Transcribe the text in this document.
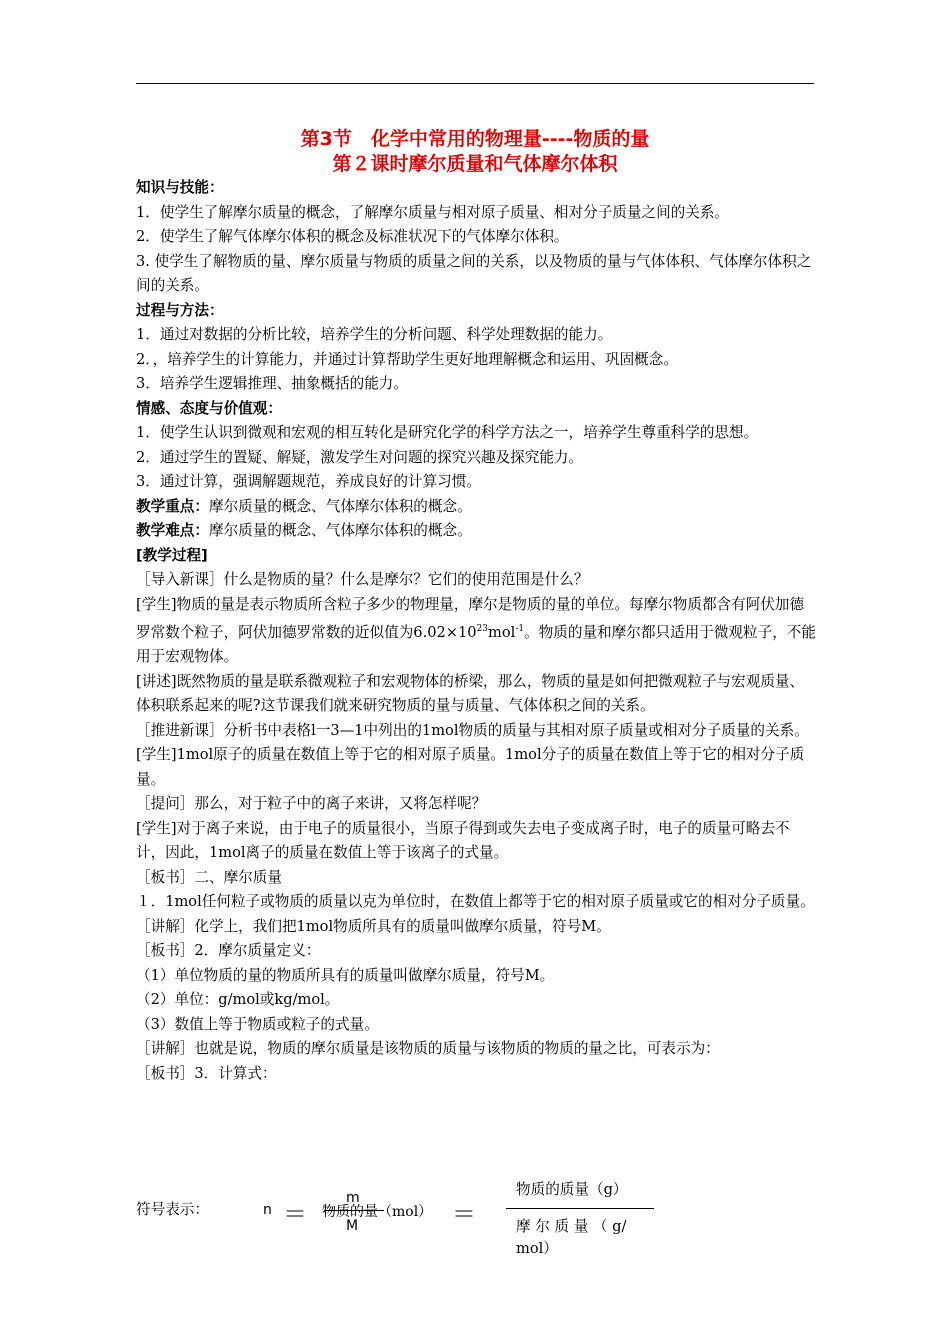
第3节　化学中常用的物理量----物质的量
第２课时摩尔质量和气体摩尔体积

知识与技能：

1．使学生了解摩尔质量的概念，了解摩尔质量与相对原子质量、相对分子质量之间的关系。

2．使学生了解气体摩尔体积的概念及标准状况下的气体摩尔体积。

3. 使学生了解物质的量、摩尔质量与物质的质量之间的关系，以及物质的量与气体体积、气体摩尔体积之间的关系。

过程与方法：

1．通过对数据的分析比较，培养学生的分析问题、科学处理数据的能力。

2．，培养学生的计算能力，并通过计算帮助学生更好地理解概念和运用、巩固概念。

3．培养学生逻辑推理、抽象概括的能力。

情感、态度与价值观：

1．使学生认识到微观和宏观的相互转化是研究化学的科学方法之一，培养学生尊重科学的思想。

2．通过学生的置疑、解疑，激发学生对问题的探究兴趣及探究能力。

3．通过计算，强调解题规范，养成良好的计算习惯。

教学重点：摩尔质量的概念、气体摩尔体积的概念。

教学难点：摩尔质量的概念、气体摩尔体积的概念。

[教学过程]

［导入新课］什么是物质的量？什么是摩尔？它们的使用范围是什么？

[学生]物质的量是表示物质所含粒子多少的物理量，摩尔是物质的量的单位。每摩尔物质都含有阿伏加德罗常数个粒子，阿伏加德罗常数的近似值为$6.02\times 10^{23}mol^{-1}$。物质的量和摩尔都只适用于微观粒子，不能用于宏观物体。

[讲述]既然物质的量是联系微观粒子和宏观物体的桥梁，那么，物质的量是如何把微观粒子与宏观质量、体积联系起来的呢?这节课我们就来研究物质的量与质量、气体体积之间的关系。

［推进新课］分析书中表格l一3—1中列出的1mol物质的质量与其相对原子质量或相对分子质量的关系。

[学生]1mol原子的质量在数值上等于它的相对原子质量。1mol分子的质量在数值上等于它的相对分子质量。

［提问］那么，对于粒子中的离子来讲，又将怎样呢？

[学生]对于离子来说，由于电子的质量很小，当原子得到或失去电子变成离子时，电子的质量可略去不计，因此，1mol离子的质量在数值上等于该离子的式量。

［板书］二、摩尔质量

１．1mol任何粒子或物质的质量以克为单位时，在数值上都等于它的相对原子质量或它的相对分子质量。

［讲解］化学上，我们把1mol物质所具有的质量叫做摩尔质量，符号M。

［板书］2．摩尔质量定义：

（1）单位物质的量的物质所具有的质量叫做摩尔质量，符号M。

（2）单位：g/mol或kg/mol。

（3）数值上等于物质或粒子的式量。

［讲解］也就是说，物质的摩尔质量是该物质的质量与该物质的物质的量之比，可表示为：

［板书］3．计算式：

符号表示：	n ＝
m
物质的量（mol）
M	＝
物质的质量（g）
摩 尔 质 量 （ g/ mol）
